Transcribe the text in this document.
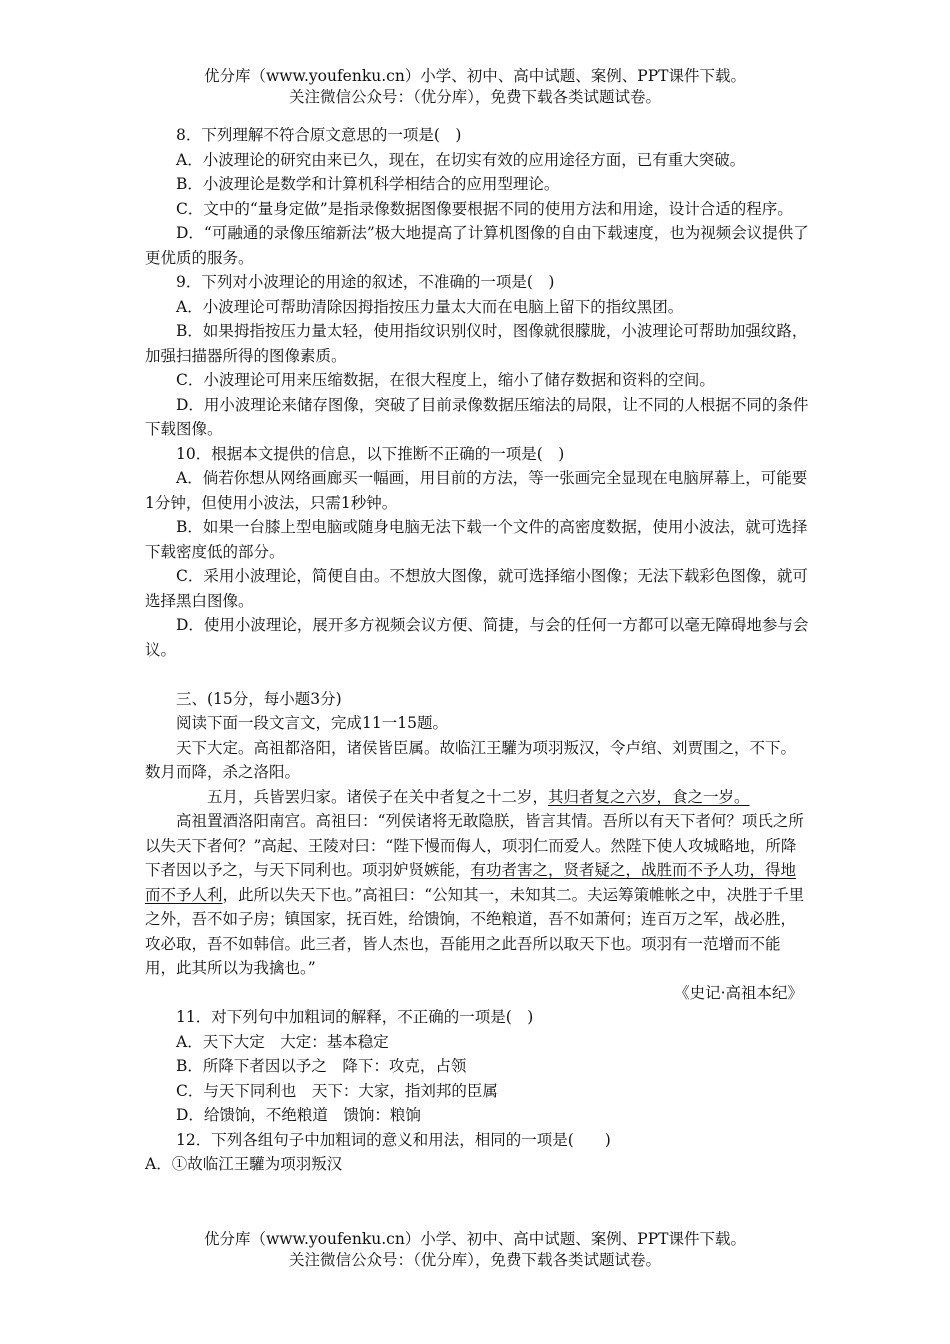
优分库（www.youfenku.cn）小学、初中、高中试题、案例、PPT课件下载。
关注微信公众号：（优分库），免费下载各类试题试卷。

8．下列理解不符合原文意思的一项是(　)

A．小波理论的研究由来已久，现在，在切实有效的应用途径方面，已有重大突破。

B．小波理论是数学和计算机科学相结合的应用型理论。

C．文中的“量身定做”是指录像数据图像要根据不同的使用方法和用途，设计合适的程序。

D．“可融通的录像压缩新法”极大地提高了计算机图像的自由下载速度，也为视频会议提供了更优质的服务。

9．下列对小波理论的用途的叙述，不准确的一项是(　)

A．小波理论可帮助清除因拇指按压力量太大而在电脑上留下的指纹黑团。

B．如果拇指按压力量太轻，使用指纹识别仪时，图像就很朦胧，小波理论可帮助加强纹路，加强扫描器所得的图像素质。

C．小波理论可用来压缩数据，在很大程度上，缩小了储存数据和资料的空间。

D．用小波理论来储存图像，突破了目前录像数据压缩法的局限，让不同的人根据不同的条件下载图像。

10．根据本文提供的信息，以下推断不正确的一项是(　)

A．倘若你想从网络画廊买一幅画，用目前的方法，等一张画完全显现在电脑屏幕上，可能要1分钟，但使用小波法，只需1秒钟。

B．如果一台膝上型电脑或随身电脑无法下载一个文件的高密度数据，使用小波法，就可选择下载密度低的部分。

C．采用小波理论，简便自由。不想放大图像，就可选择缩小图像；无法下载彩色图像，就可选择黑白图像。

D．使用小波理论，展开多方视频会议方便、简捷，与会的任何一方都可以毫无障碍地参与会议。

三、(15分，每小题3分)

阅读下面一段文言文，完成11一15题。

天下大定。高祖都洛阳，诸侯皆臣属。故临江王驩为项羽叛汉，令卢绾、刘贾围之，不下。数月而降，杀之洛阳。

五月，兵皆罢归家。诸侯子在关中者复之十二岁，其归者复之六岁，食之一岁。

高祖置酒洛阳南宫。高祖曰：“列侯诸将无敢隐朕，皆言其情。吾所以有天下者何？项氏之所以失天下者何？”高起、王陵对曰：“陛下慢而侮人，项羽仁而爱人。然陛下使人攻城略地，所降下者因以予之，与天下同利也。项羽妒贤嫉能，有功者害之，贤者疑之，战胜而不予人功，得地而不予人利，此所以失天下也。”高祖曰：“公知其一，未知其二。夫运筹策帷帐之中，决胜于千里之外，吾不如子房；镇国家，抚百姓，给馈饷，不绝粮道，吾不如萧何；连百万之军，战必胜，攻必取，吾不如韩信。此三者，皆人杰也，吾能用之此吾所以取天下也。项羽有一范增而不能用，此其所以为我擒也。”

《史记·高祖本纪》

11．对下列句中加粗词的解释，不正确的一项是(　)

A．天下大定　大定：基本稳定

B．所降下者因以予之　降下：攻克，占领

C．与天下同利也　天下：大家，指刘邦的臣属

D．给馈饷，不绝粮道　馈饷：粮饷

12．下列各组句子中加粗词的意义和用法，相同的一项是(　　)

A．①故临江王驩为项羽叛汉

优分库（www.youfenku.cn）小学、初中、高中试题、案例、PPT课件下载。
关注微信公众号：（优分库），免费下载各类试题试卷。
